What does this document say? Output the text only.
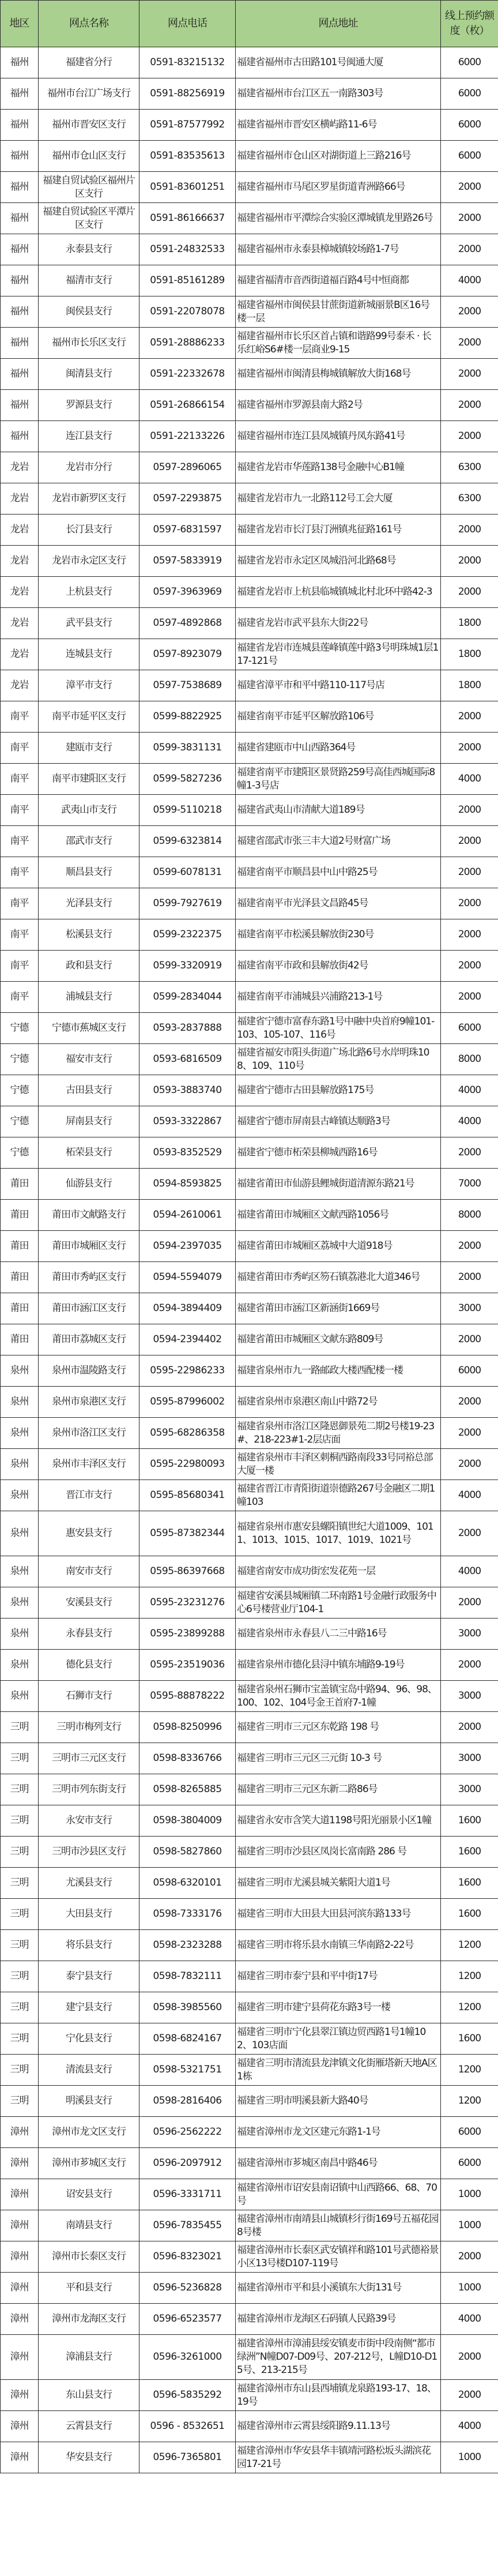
地区	网点名称	网点电话	网点地址	线上预约额度（枚）
福州	福建省分行	0591-83215132	福建省福州市古田路101号闽通大厦	6000
福州	福州市台江广场支行	0591-88256919	福建省福州市台江区五一南路303号	6000
福州	福州市晋安区支行	0591-87577992	福建省福州市晋安区横屿路11-6号	6000
福州	福州市仓山区支行	0591-83535613	福建省福州市仓山区对湖街道上三路216号	6000
福州	福建自贸试验区福州片区支行	0591-83601251	福建省福州市马尾区罗星街道青洲路66号	2000
福州	福建自贸试验区平潭片区支行	0591-86166637	福建省福州市平潭综合实验区潭城镇龙里路26号	2000
福州	永泰县支行	0591-24832533	福建省福州市永泰县樟城镇较场路1-7号	2000
福州	福清市支行	0591-85161289	福建省福清市音西街道福百路4号中恒商都	4000
福州	闽侯县支行	0591-22078078	福建省福州市闽侯县甘蔗街道新城丽景B区16号楼一层	2000
福州	福州市长乐区支行	0591-28886233	福建省福州市长乐区首占镇和谐路99号泰禾 · 长乐红峪S6#楼一层商业9-15	2000
福州	闽清县支行	0591-22332678	福建省福州市闽清县梅城镇解放大街168号	2000
福州	罗源县支行	0591-26866154	福建省福州市罗源县南大路2号	2000
福州	连江县支行	0591-22133226	福建省福州市连江县凤城镇丹凤东路41号	2000
龙岩	龙岩市分行	0597-2896065	福建省龙岩市华莲路138号金融中心B1幢	6300
龙岩	龙岩市新罗区支行	0597-2293875	福建省龙岩市九一北路112号工会大厦	6300
龙岩	长汀县支行	0597-6831597	福建省龙岩市长汀县汀洲镇兆征路161号	2000
龙岩	龙岩市永定区支行	0597-5833919	福建省龙岩市永定区凤城沿河北路68号	2000
龙岩	上杭县支行	0597-3963969	福建省龙岩市上杭县临城镇城北村北环中路42-3	2000
龙岩	武平县支行	0597-4892868	福建省龙岩市武平县东大街22号	1800
龙岩	连城县支行	0597-8923079	福建省龙岩市连城县莲峰镇莲中路3号明珠城1层117-121号	1800
龙岩	漳平市支行	0597-7538689	福建省漳平市和平中路110-117号店	1800
南平	南平市延平区支行	0599-8822925	福建省南平市延平区解放路106号	2000
南平	建瓯市支行	0599-3831131	福建省建瓯市中山西路364号	2000
南平	南平市建阳区支行	0599-5827236	福建省南平市建阳区景贤路259号高佳西城国际8幢1-3号店	4000
南平	武夷山市支行	0599-5110218	福建省武夷山市清献大道189号	2000
南平	邵武市支行	0599-6323814	福建省邵武市张三丰大道2号财富广场	2000
南平	顺昌县支行	0599-6078131	福建省南平市顺昌县中山中路25号	2000
南平	光泽县支行	0599-7927619	福建省南平市光泽县文昌路45号	2000
南平	松溪县支行	0599-2322375	福建省南平市松溪县解放街230号	2000
南平	政和县支行	0599-3320919	福建省南平市政和县解放街42号	2000
南平	浦城县支行	0599-2834044	福建省南平市浦城县兴浦路213-1号	2000
宁德	宁德市蕉城区支行	0593-2837888	福建省宁德市富春东路1号中融中央首府9幢101-103、105-107、116号	6000
宁德	福安市支行	0593-6816509	福建省福安市阳头街道广场北路6号水岸明珠108、109、110号	8000
宁德	古田县支行	0593-3883740	福建省宁德市古田县解放路175号	4000
宁德	屏南县支行	0593-3322867	福建省宁德市屏南县古峰镇达顺路3号	4000
宁德	柘荣县支行	0593-8352529	福建省宁德市柘荣县柳城西路16号	2000
莆田	仙游县支行	0594-8593825	福建省莆田市仙游县鲤城街道清源东路21号	7000
莆田	莆田市文献路支行	0594-2610061	福建省莆田市城厢区文献西路1056号	8000
莆田	莆田市城厢区支行	0594-2397035	福建省莆田市城厢区荔城中大道918号	2000
莆田	莆田市秀屿区支行	0594-5594079	福建省莆田市秀屿区笏石镇荔港北大道346号	2000
莆田	莆田市涵江区支行	0594-3894409	福建省莆田市涵江区新涵街1669号	3000
莆田	莆田市荔城区支行	0594-2394402	福建省莆田市城厢区文献东路809号	2000
泉州	泉州市温陵路支行	0595-22986233	福建省泉州市九一路邮政大楼西配楼一楼	6000
泉州	泉州市泉港区支行	0595-87996002	福建省泉州市泉港区南山中路72号	2000
泉州	泉州市洛江区支行	0595-68286358	福建省泉州市洛江区隆恩御景苑二期2号楼19-23#、218-223#1-2层店面	2000
泉州	泉州市丰泽区支行	0595-22980093	福建省泉州市丰泽区刺桐西路南段33号同裕总部大厦一楼	2000
泉州	晋江市支行	0595-85680341	福建省晋江市青阳街道崇德路267号金融区二期1幢103	4000
泉州	惠安县支行	0595-87382344	福建省泉州市惠安县螺阳镇世纪大道1009、1011、1013、1015、1017、1019、1021号	2000
泉州	南安市支行	0595-86397668	福建省南安市成功街宏发花苑一层	4000
泉州	安溪县支行	0595-23231276	福建省安溪县城厢镇二环南路1号金融行政服务中心6号楼营业厅104-1	2000
泉州	永春县支行	0595-23899288	福建省泉州市永春县八二三中路16号	3000
泉州	德化县支行	0595-23519036	福建省泉州市德化县浔中镇东埔路9-19号	2000
泉州	石狮市支行	0595-88878222	福建省泉州石狮市宝盖镇宝岛中路94、96、98、100、102、104号金王首府7-1幢	3000
三明	三明市梅列支行	0598-8250996	福建省三明市三元区东乾路 198 号	2000
三明	三明市三元区支行	0598-8336766	福建省三明市三元区三元街 10-3 号	3000
三明	三明市列东街支行	0598-8265885	福建省三明市三元区东新二路86号	3000
三明	永安市支行	0598-3804009	福建省永安市含笑大道1198号阳光丽景小区1幢	1600
三明	三明市沙县区支行	0598-5827860	福建省三明市沙县区凤岗长富南路 286 号	1600
三明	尤溪县支行	0598-6320101	福建省三明市尤溪县城关紫阳大道1号	1600
三明	大田县支行	0598-7333176	福建省三明市大田县大田县河滨东路133号	1600
三明	将乐县支行	0598-2323288	福建省三明市将乐县水南镇三华南路2-22号	1200
三明	泰宁县支行	0598-7832111	福建省三明市泰宁县和平中街17号	1200
三明	建宁县支行	0598-3985560	福建省三明市建宁县荷花东路3号一楼	1200
三明	宁化县支行	0598-6824167	福建省三明市宁化县翠江镇边贸西路1号1幢102、103店面	1600
三明	清流县支行	0598-5321751	福建省三明市清流县龙津镇文化街雁塔新天地A区1栋	1200
三明	明溪县支行	0598-2816406	福建省三明市明溪县新大路40号	1200
漳州	漳州市龙文区支行	0596-2562222	福建省漳州市龙文区建元东路1-1号	6000
漳州	漳州市芗城区支行	0596-2097912	福建省漳州市芗城区南昌中路46号	6000
漳州	诏安县支行	0596-3331711	福建省漳州市诏安县南诏镇中山西路66、68、70号	1000
漳州	南靖县支行	0596-7835455	福建省漳州市南靖县山城镇杉行街169号五福花园8号楼	1000
漳州	漳州市长泰区支行	0596-8323021	福建省漳州市长泰区武安镇祥和路101号武德裕景小区13号楼D107-119号	2000
漳州	平和县支行	0596-5236828	福建省漳州市平和县小溪镇东大街131号	1000
漳州	漳州市龙海区支行	0596-6523577	福建省漳州市龙海区石码镇人民路39号	4000
漳州	漳浦县支行	0596-3261000	福建省漳州市漳浦县绥安镇麦市街中段南侧“都市绿洲”N幢D07-D09号、207-212号，L幢D10-D15号、213-215号	2000
漳州	东山县支行	0596-5835292	福建省漳州市东山县西埔镇龙泉路193-17、18、19号	2000
漳州	云霄县支行	0596 - 8532651	福建省漳州市云霄县绥阳路9.11.13号	4000
漳州	华安县支行	0596-7365801	福建省漳州市华安县华丰镇靖河路松坂头湖滨花园17-21号	1000
